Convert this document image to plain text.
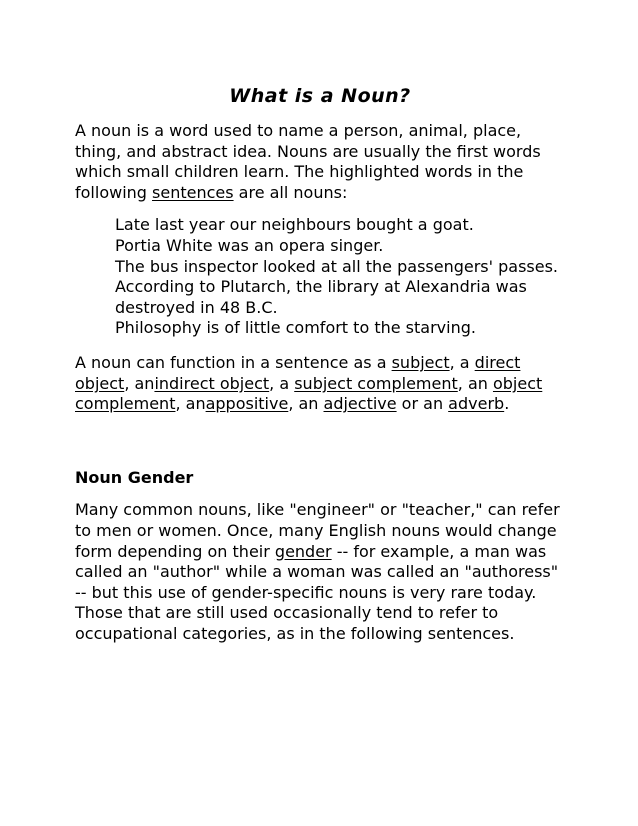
What is a Noun?

A noun is a word used to name a person, animal, place, thing, and abstract idea. Nouns are usually the first words which small children learn. The highlighted words in the following sentences are all nouns:

Late last year our neighbours bought a goat.
Portia White was an opera singer.
The bus inspector looked at all the passengers' passes.
According to Plutarch, the library at Alexandria was destroyed in 48 B.C.
Philosophy is of little comfort to the starving.

A noun can function in a sentence as a subject, a direct object, anindirect object, a subject complement, an object complement, anappositive, an adjective or an adverb.

Noun Gender

Many common nouns, like "engineer" or "teacher," can refer to men or women. Once, many English nouns would change form depending on their gender -- for example, a man was called an "author" while a woman was called an "authoress" -- but this use of gender-specific nouns is very rare today. Those that are still used occasionally tend to refer to occupational categories, as in the following sentences.
